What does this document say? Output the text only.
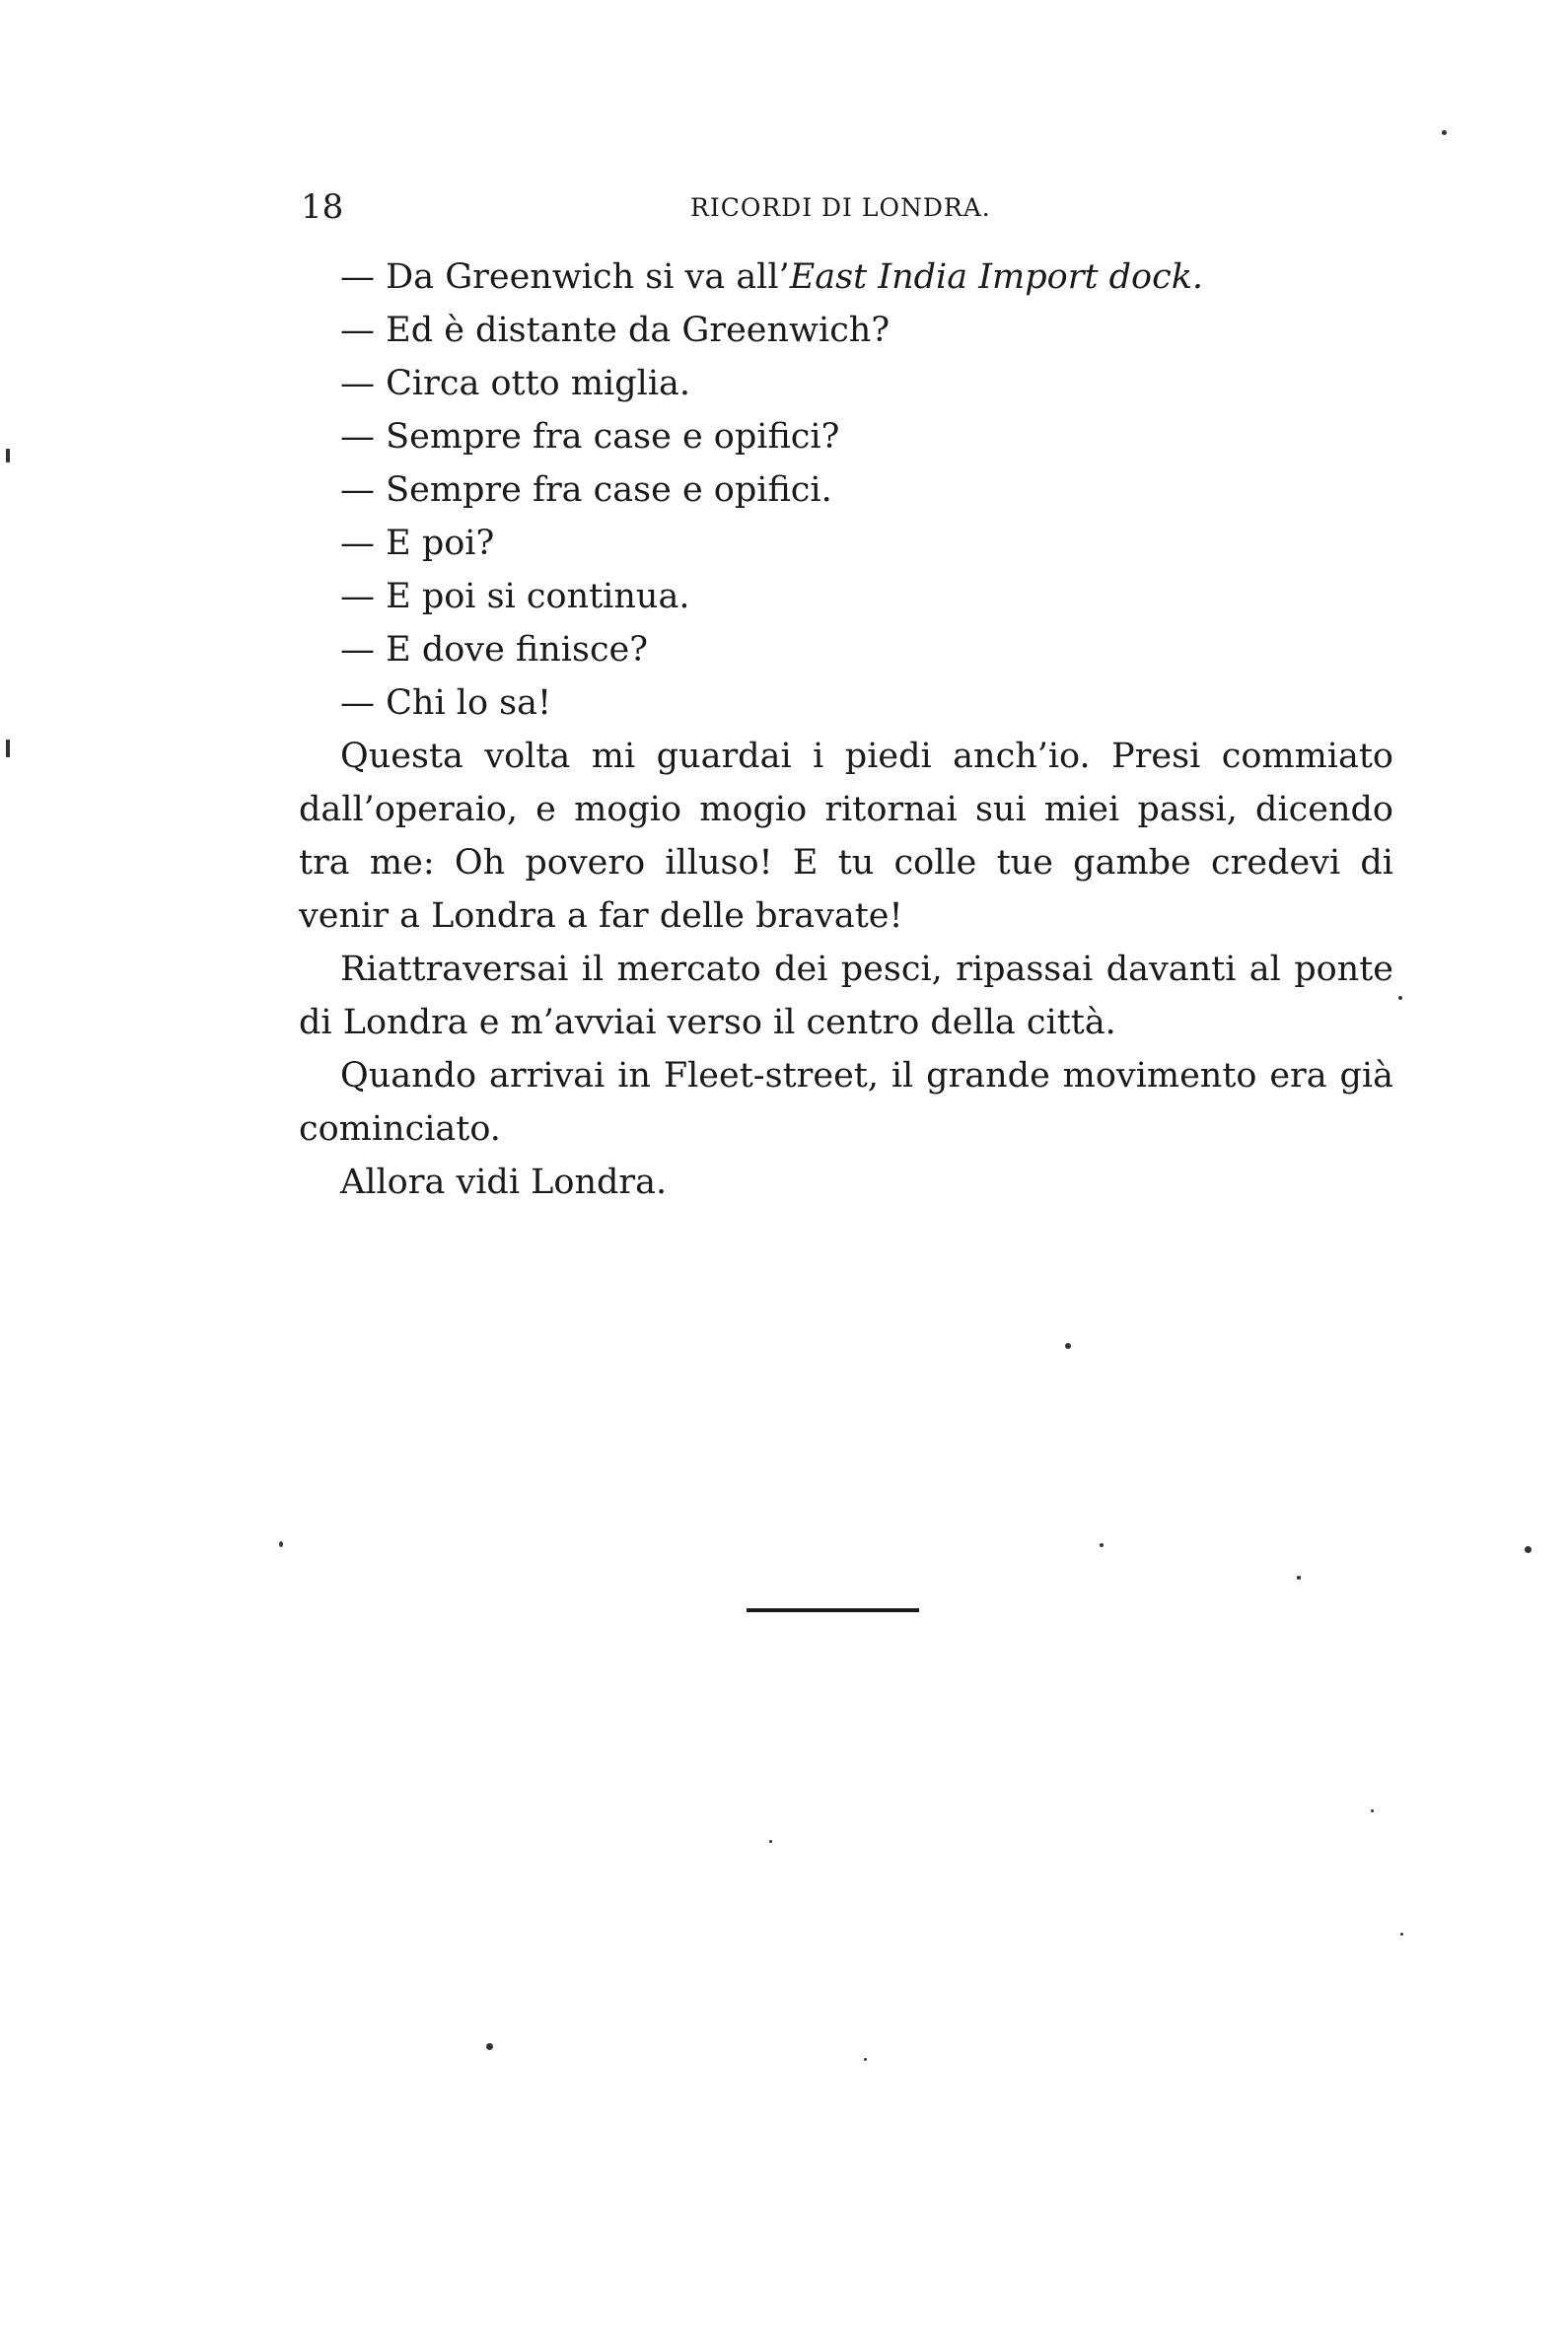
18	RICORDI DI LONDRA.

— Da Greenwich si va all’East India Import dock.

— Ed è distante da Greenwich?

— Circa otto miglia.

— Sempre fra case e opifici?

— Sempre fra case e opifici.

— E poi?

— E poi si continua.

— E dove finisce?

— Chi lo sa!

Questa volta mi guardai i piedi anch’io. Presi commiato dall’operaio, e mogio mogio ritornai sui miei passi, dicendo tra me: Oh povero illuso! E tu colle tue gambe credevi di venir a Londra a far delle bravate!

Riattraversai il mercato dei pesci, ripassai davanti al ponte di Londra e m’avviai verso il centro della città.

Quando arrivai in Fleet-street, il grande movimento era già cominciato.

Allora vidi Londra.
